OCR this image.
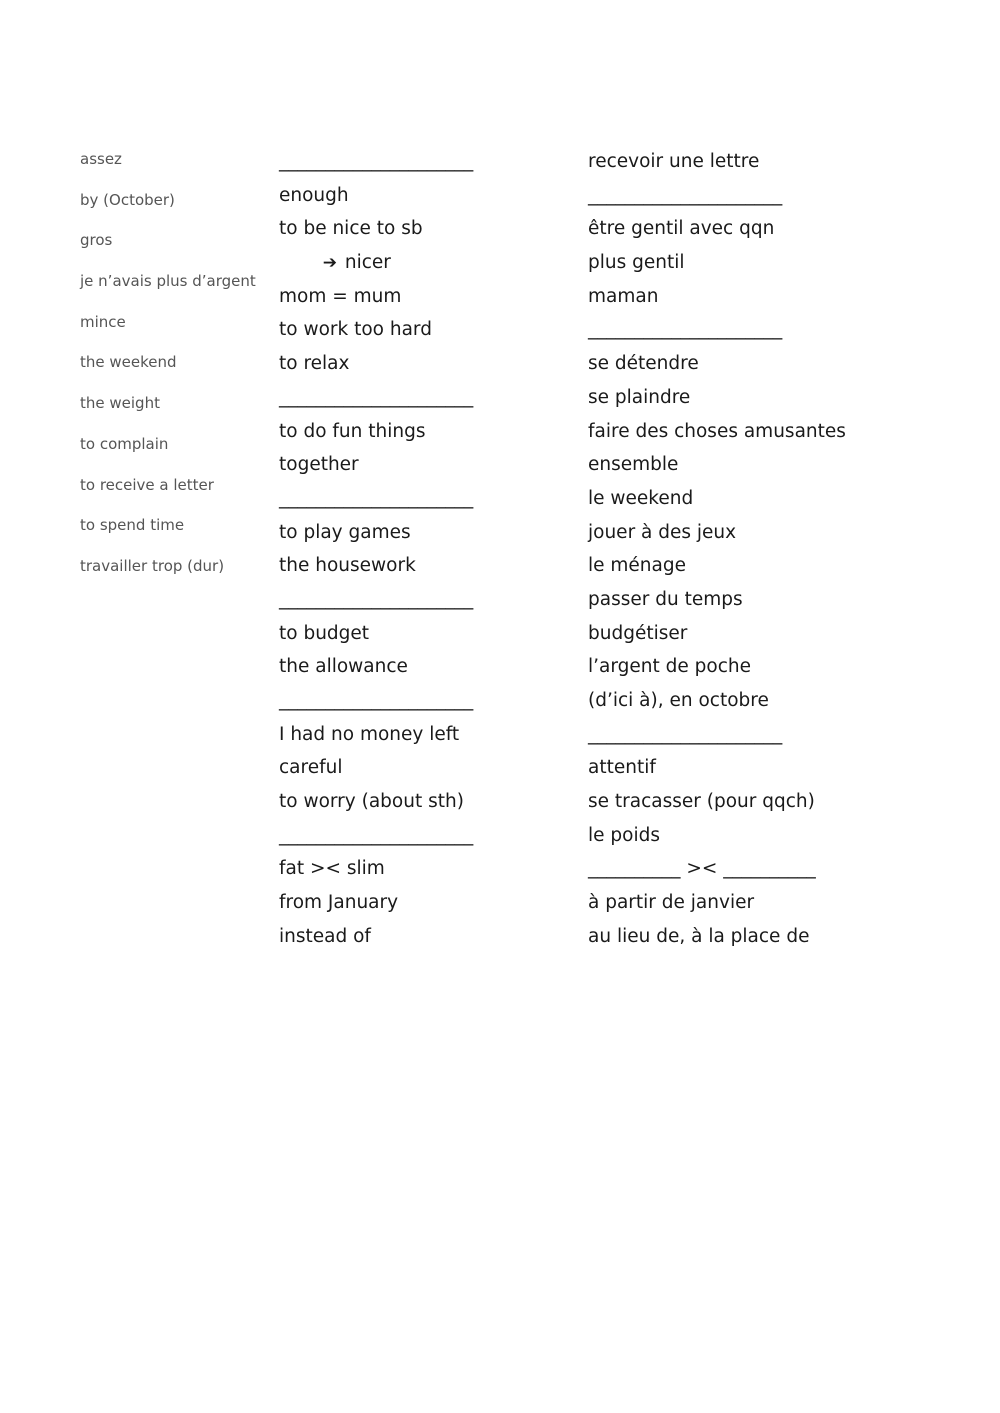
assez
by (October)
gros
je n’avais plus d’argent
mince
the weekend
the weight
to complain
to receive a letter
to spend time
travailler trop (dur)
_____________________
enough
to be nice to sb
➔ nicer
mom = mum
to work too hard
to relax
_____________________
to do fun things
together
_____________________
to play games
the housework
_____________________
to budget
the allowance
_____________________
I had no money left
careful
to worry (about sth)
_____________________
fat >< slim
from January
instead of
recevoir une lettre
_____________________
être gentil avec qqn
plus gentil
maman
_____________________
se détendre
se plaindre
faire des choses amusantes
ensemble
le weekend
jouer à des jeux
le ménage
passer du temps
budgétiser
l’argent de poche
(d’ici à), en octobre
_____________________
attentif
se tracasser (pour qqch)
le poids
__________ >< __________
à partir de janvier
au lieu de, à la place de
